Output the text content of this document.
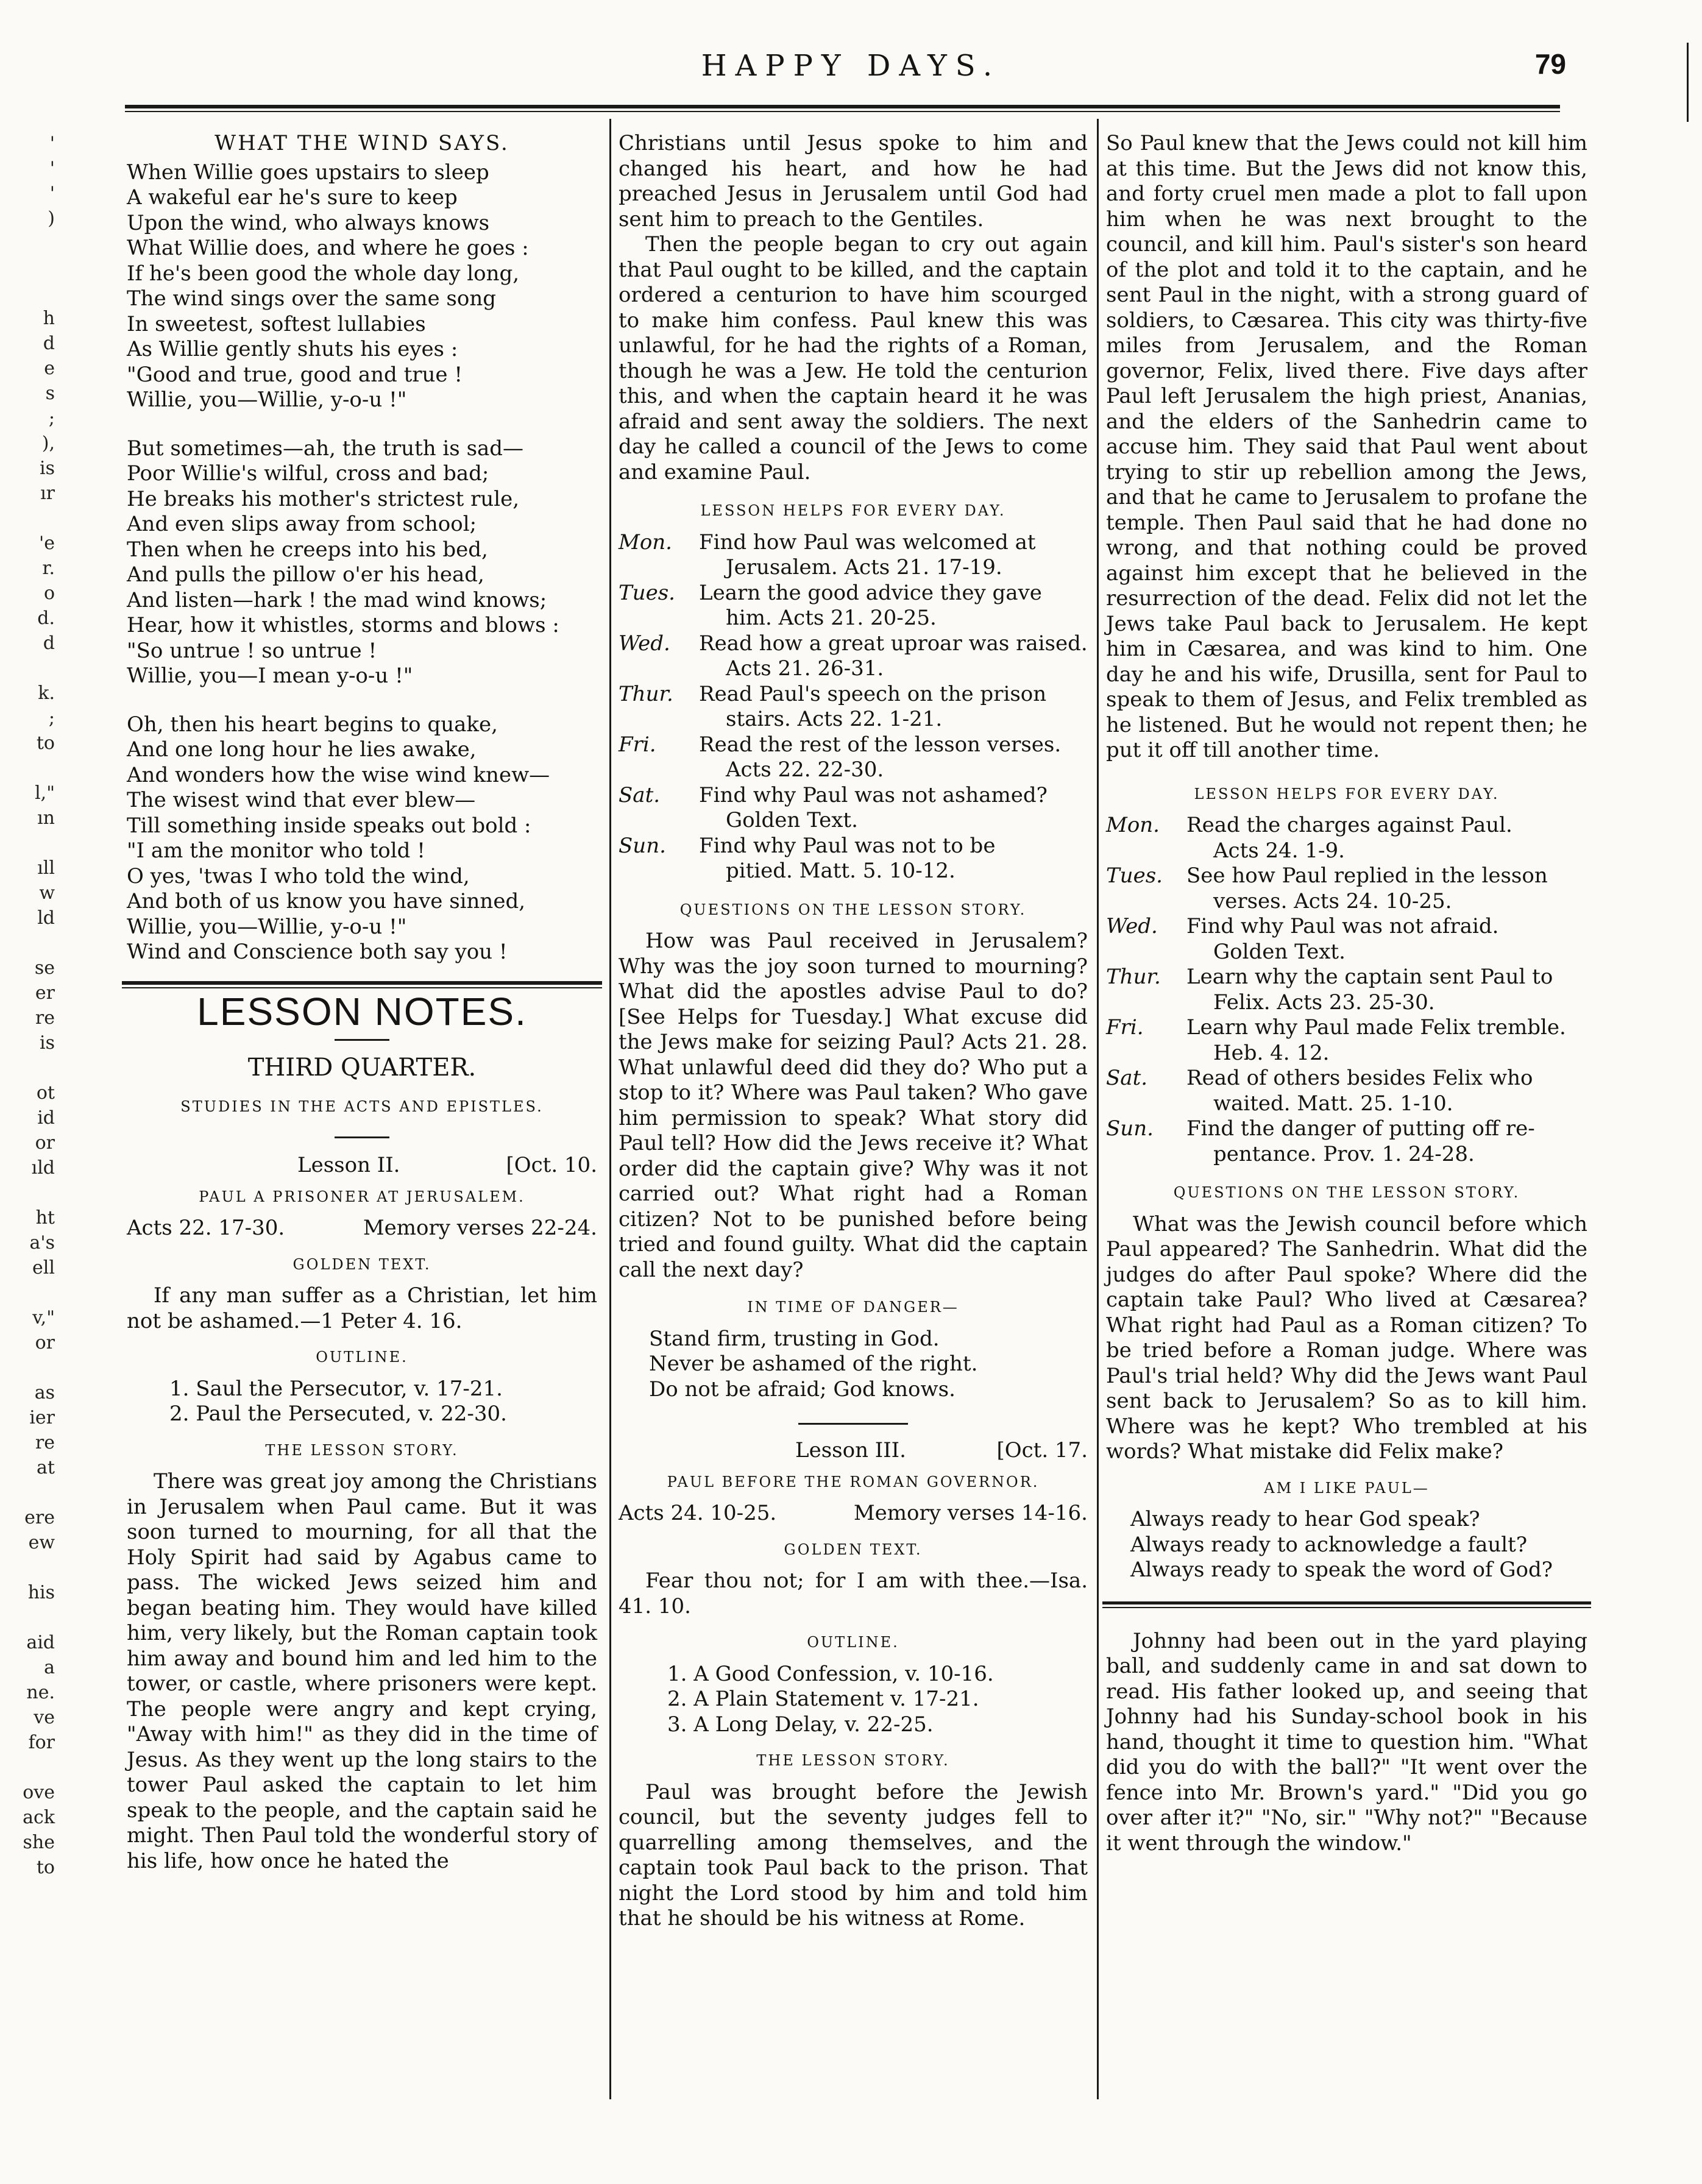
HAPPY DAYS.	79
'
'
'
)
h
d
e
s
;
),
is
ır
'e
r.
o
d.
d
k.
;
to
l,"
ın
ıll
w
ld
se
er
re
is
ot
id
or
ıld
ht
a's
ell
v,"
or
as
ier
re
at
ere
ew
his
aid
a
ne.
ve
for
ove
ack
she
to
WHAT THE WIND SAYS.
When Willie goes upstairs to sleep
A wakeful ear he's sure to keep
Upon the wind, who always knows
What Willie does, and where he goes :
If he's been good the whole day long,
The wind sings over the same song
In sweetest, softest lullabies
As Willie gently shuts his eyes :
"Good and true, good and true !
Willie, you—Willie, y-o-u !"
But sometimes—ah, the truth is sad—
Poor Willie's wilful, cross and bad;
He breaks his mother's strictest rule,
And even slips away from school;
Then when he creeps into his bed,
And pulls the pillow o'er his head,
And listen—hark ! the mad wind knows;
Hear, how it whistles, storms and blows :
"So untrue ! so untrue !
Willie, you—I mean y-o-u !"
Oh, then his heart begins to quake,
And one long hour he lies awake,
And wonders how the wise wind knew—
The wisest wind that ever blew—
Till something inside speaks out bold :
"I am the monitor who told !
O yes, 'twas I who told the wind,
And both of us know you have sinned,
Willie, you—Willie, y-o-u !"
Wind and Conscience both say you !
LESSON NOTES.
THIRD QUARTER.
STUDIES IN THE ACTS AND EPISTLES.
Lesson II.	[Oct. 10.
PAUL A PRISONER AT JERUSALEM.
Acts 22. 17-30.	Memory verses 22-24.
GOLDEN TEXT.

If any man suffer as a Christian, let him not be ashamed.—1 Peter 4. 16.

OUTLINE.
1. Saul the Persecutor, v. 17-21.
2. Paul the Persecuted, v. 22-30.
THE LESSON STORY.

There was great joy among the Christians in Jerusalem when Paul came. But it was soon turned to mourning, for all that the Holy Spirit had said by Agabus came to pass. The wicked Jews seized him and began beating him. They would have killed him, very likely, but the Roman captain took him away and bound him and led him to the tower, or castle, where prisoners were kept. The people were angry and kept crying, "Away with him!" as they did in the time of Jesus. As they went up the long stairs to the tower Paul asked the captain to let him speak to the people, and the captain said he might. Then Paul told the wonderful story of his life, how once he hated the

Christians until Jesus spoke to him and changed his heart, and how he had preached Jesus in Jerusalem until God had sent him to preach to the Gentiles.

Then the people began to cry out again that Paul ought to be killed, and the captain ordered a centurion to have him scourged to make him confess. Paul knew this was unlawful, for he had the rights of a Roman, though he was a Jew. He told the centurion this, and when the captain heard it he was afraid and sent away the soldiers. The next day he called a council of the Jews to come and examine Paul.

LESSON HELPS FOR EVERY DAY.
Mon.	Find how Paul was welcomed at
Jerusalem. Acts 21. 17-19.
Tues.	Learn the good advice they gave
him. Acts 21. 20-25.
Wed.	Read how a great uproar was raised.
Acts 21. 26-31.
Thur.	Read Paul's speech on the prison
stairs. Acts 22. 1-21.
Fri.	Read the rest of the lesson verses.
Acts 22. 22-30.
Sat.	Find why Paul was not ashamed?
Golden Text.
Sun.	Find why Paul was not to be
pitied. Matt. 5. 10-12.
QUESTIONS ON THE LESSON STORY.

How was Paul received in Jerusalem? Why was the joy soon turned to mourning? What did the apostles advise Paul to do? [See Helps for Tuesday.] What excuse did the Jews make for seizing Paul? Acts 21. 28. What unlawful deed did they do? Who put a stop to it? Where was Paul taken? Who gave him permission to speak? What story did Paul tell? How did the Jews receive it? What order did the captain give? Why was it not carried out? What right had a Roman citizen? Not to be punished before being tried and found guilty. What did the captain call the next day?

IN TIME OF DANGER—
Stand firm, trusting in God.
Never be ashamed of the right.
Do not be afraid; God knows.
Lesson III.	[Oct. 17.
PAUL BEFORE THE ROMAN GOVERNOR.
Acts 24. 10-25.	Memory verses 14-16.
GOLDEN TEXT.

Fear thou not; for I am with thee.—Isa. 41. 10.

OUTLINE.
1. A Good Confession, v. 10-16.
2. A Plain Statement v. 17-21.
3. A Long Delay, v. 22-25.
THE LESSON STORY.

Paul was brought before the Jewish council, but the seventy judges fell to quarrelling among themselves, and the captain took Paul back to the prison. That night the Lord stood by him and told him that he should be his witness at Rome.

So Paul knew that the Jews could not kill him at this time. But the Jews did not know this, and forty cruel men made a plot to fall upon him when he was next brought to the council, and kill him. Paul's sister's son heard of the plot and told it to the captain, and he sent Paul in the night, with a strong guard of soldiers, to Cæsarea. This city was thirty-five miles from Jerusalem, and the Roman governor, Felix, lived there. Five days after Paul left Jerusalem the high priest, Ananias, and the elders of the Sanhedrin came to accuse him. They said that Paul went about trying to stir up rebellion among the Jews, and that he came to Jerusalem to profane the temple. Then Paul said that he had done no wrong, and that nothing could be proved against him except that he believed in the resurrection of the dead. Felix did not let the Jews take Paul back to Jerusalem. He kept him in Cæsarea, and was kind to him. One day he and his wife, Drusilla, sent for Paul to speak to them of Jesus, and Felix trembled as he listened. But he would not repent then; he put it off till another time.

LESSON HELPS FOR EVERY DAY.
Mon.	Read the charges against Paul.
Acts 24. 1-9.
Tues.	See how Paul replied in the lesson
verses. Acts 24. 10-25.
Wed.	Find why Paul was not afraid.
Golden Text.
Thur.	Learn why the captain sent Paul to
Felix. Acts 23. 25-30.
Fri.	Learn why Paul made Felix tremble.
Heb. 4. 12.
Sat.	Read of others besides Felix who
waited. Matt. 25. 1-10.
Sun.	Find the danger of putting off re-
pentance. Prov. 1. 24-28.
QUESTIONS ON THE LESSON STORY.

What was the Jewish council before which Paul appeared? The Sanhedrin. What did the judges do after Paul spoke? Where did the captain take Paul? Who lived at Cæsarea? What right had Paul as a Roman citizen? To be tried before a Roman judge. Where was Paul's trial held? Why did the Jews want Paul sent back to Jerusalem? So as to kill him. Where was he kept? Who trembled at his words? What mistake did Felix make?

AM I LIKE PAUL—
Always ready to hear God speak?
Always ready to acknowledge a fault?
Always ready to speak the word of God?

Johnny had been out in the yard playing ball, and suddenly came in and sat down to read. His father looked up, and seeing that Johnny had his Sunday-school book in his hand, thought it time to question him. "What did you do with the ball?" "It went over the fence into Mr. Brown's yard." "Did you go over after it?" "No, sir." "Why not?" "Because it went through the window."
